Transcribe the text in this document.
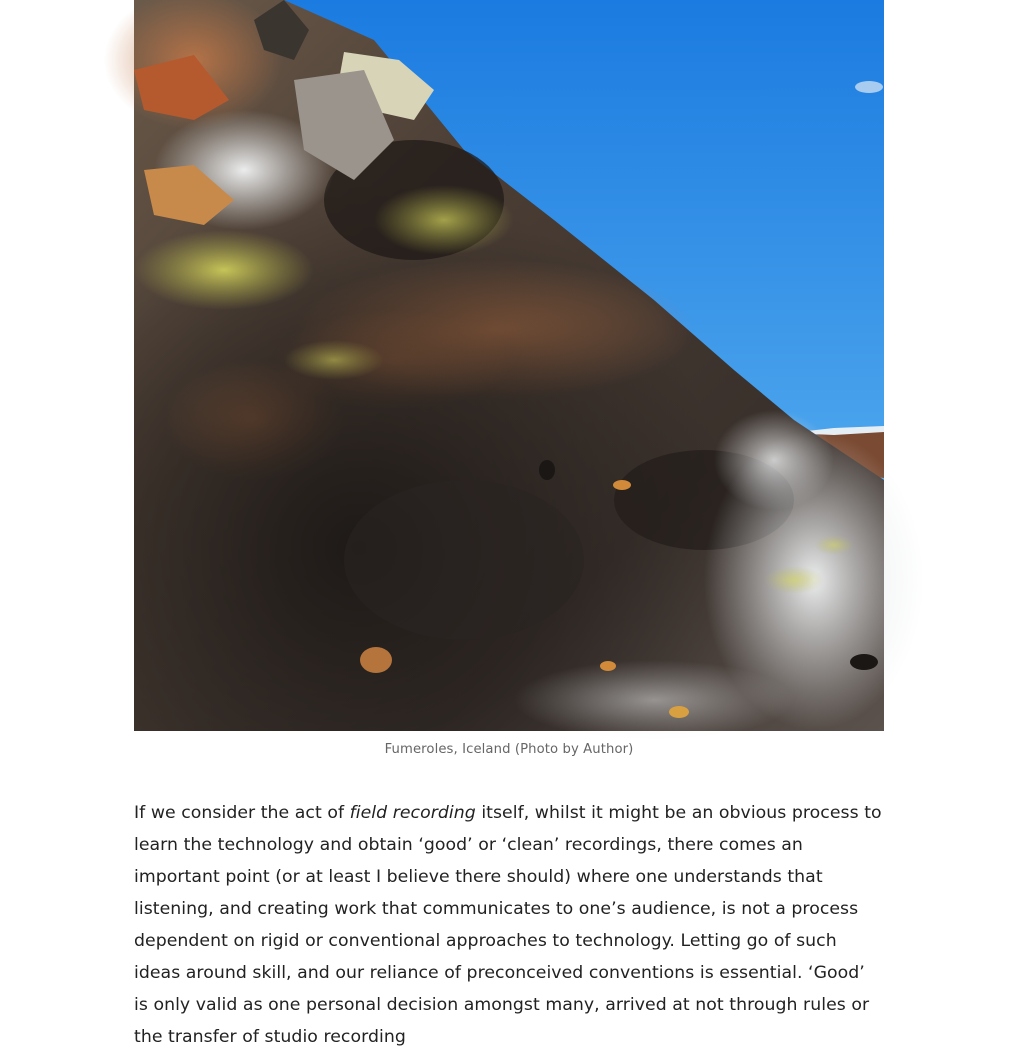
Fumeroles, Iceland (Photo by Author)

If we consider the act of field recording itself, whilst it might be an obvious process to learn the technology and obtain ‘good’ or ‘clean’ recordings, there comes an important point (or at least I believe there should) where one understands that listening, and creating work that communicates to one’s audience, is not a process dependent on rigid or conventional approaches to technology. Letting go of such ideas around skill, and our reliance of preconceived conventions is essential. ‘Good’ is only valid as one personal decision amongst many, arrived at not through rules or the transfer of studio recording
